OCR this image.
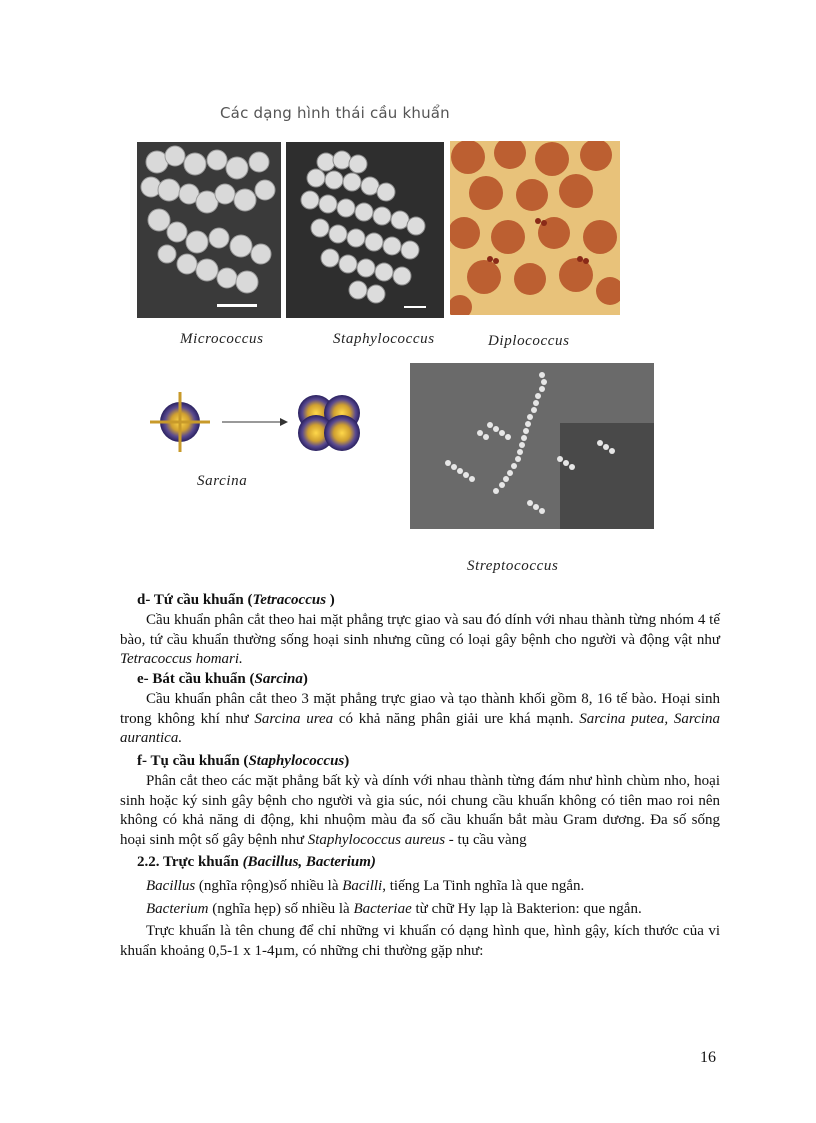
Các dạng hình thái cầu khuẩn
Micrococcus	Staphylococcus	Diplococcus
Sarcina
Streptococcus
d- Tứ cầu khuẩn (Tetracoccus )
Cầu khuẩn phân cắt theo hai mặt phẳng trực giao và sau đó dính với nhau thành từng nhóm 4 tế bào, tứ cầu khuẩn thường sống hoại sinh nhưng cũng có loại gây bệnh cho người và động vật như Tetracoccus homari.
e- Bát cầu khuẩn (Sarcina)
Cầu khuẩn phân cắt theo 3 mặt phẳng trực giao và tạo thành khối gồm 8, 16 tế bào. Hoại sinh trong không khí như Sarcina urea có khả năng phân giải ure khá mạnh. Sarcina putea, Sarcina aurantica.
f- Tụ cầu khuẩn (Staphylococcus)
Phân cắt theo các mặt phẳng bất kỳ và dính với nhau thành từng đám như hình chùm nho, hoại sinh hoặc ký sinh gây bệnh cho người và gia súc, nói chung cầu khuẩn không có tiên mao roi nên không có khả năng di động, khi nhuộm màu đa số cầu khuẩn bắt màu Gram dương. Đa số sống hoại sinh một số gây bệnh như Staphylococcus aureus - tụ cầu vàng
2.2. Trực khuẩn (Bacillus, Bacterium)
Bacillus (nghĩa rộng)số nhiều là Bacilli, tiếng La Tinh nghĩa là que ngắn.
Bacterium (nghĩa hẹp) số nhiều là Bacteriae từ chữ Hy lạp là Bakterion: que ngắn.
Trực khuẩn là tên chung để chỉ những vi khuẩn có dạng hình que, hình gậy, kích thước của vi khuẩn khoảng 0,5-1 x 1-4µm, có những chi thường gặp như:
16
